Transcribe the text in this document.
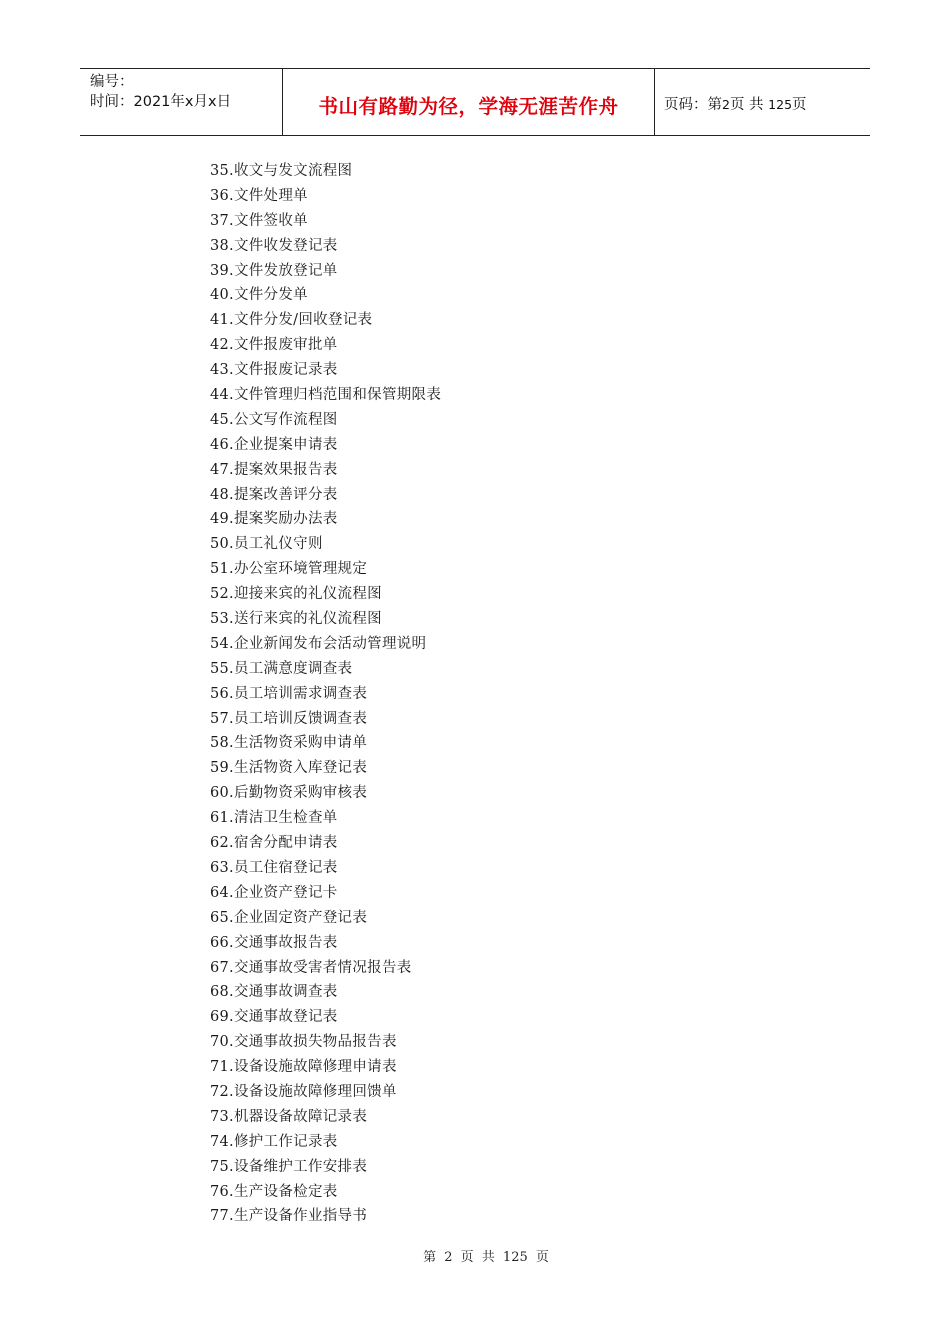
编号：
时间：2021年x月x日	书山有路勤为径，学海无涯苦作舟	页码：第2页 共 125页
35.收文与发文流程图
36.文件处理单
37.文件签收单
38.文件收发登记表
39.文件发放登记单
40.文件分发单
41.文件分发/回收登记表
42.文件报废审批单
43.文件报废记录表
44.文件管理归档范围和保管期限表
45.公文写作流程图
46.企业提案申请表
47.提案效果报告表
48.提案改善评分表
49.提案奖励办法表
50.员工礼仪守则
51.办公室环境管理规定
52.迎接来宾的礼仪流程图
53.送行来宾的礼仪流程图
54.企业新闻发布会活动管理说明
55.员工满意度调查表
56.员工培训需求调查表
57.员工培训反馈调查表
58.生活物资采购申请单
59.生活物资入库登记表
60.后勤物资采购审核表
61.清洁卫生检查单
62.宿舍分配申请表
63.员工住宿登记表
64.企业资产登记卡
65.企业固定资产登记表
66.交通事故报告表
67.交通事故受害者情况报告表
68.交通事故调查表
69.交通事故登记表
70.交通事故损失物品报告表
71.设备设施故障修理申请表
72.设备设施故障修理回馈单
73.机器设备故障记录表
74.修护工作记录表
75.设备维护工作安排表
76.生产设备检定表
77.生产设备作业指导书
第 2 页 共 125 页
